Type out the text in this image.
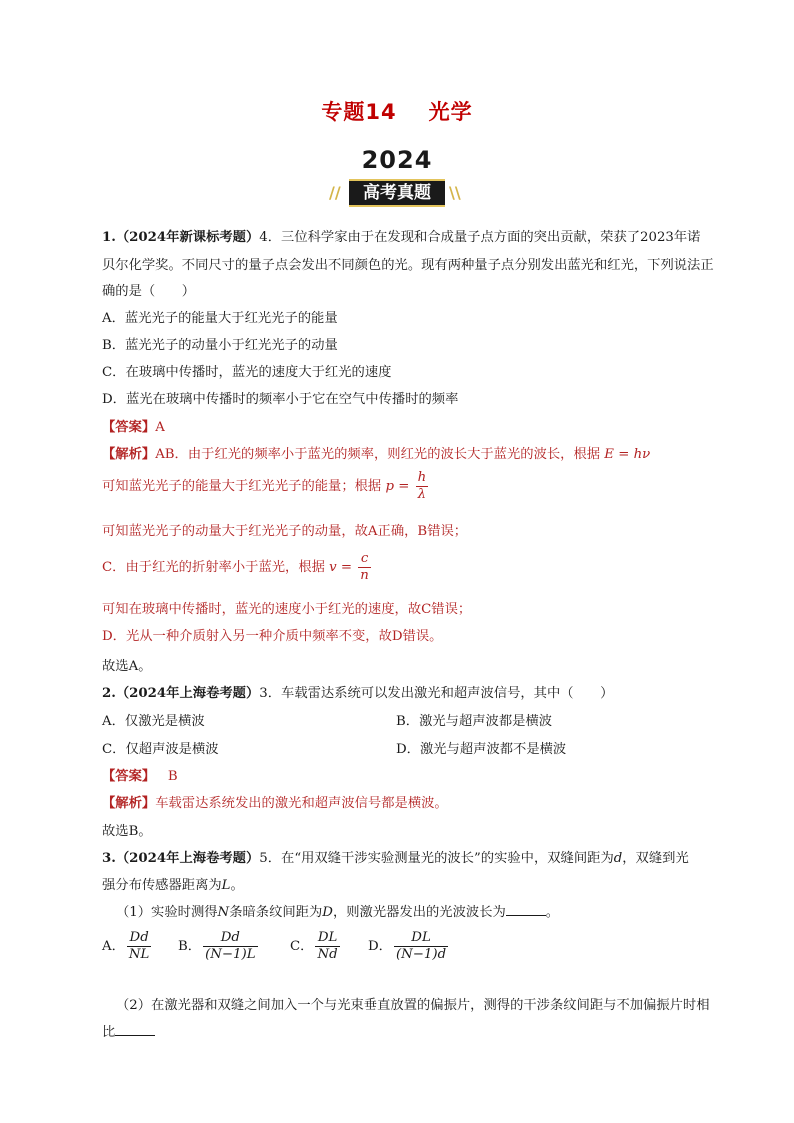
专题14 光学
2024
//	高考真题	\\
1.（2024年新课标考题）4．三位科学家由于在发现和合成量子点方面的突出贡献，荣获了2023年诺
贝尔化学奖。不同尺寸的量子点会发出不同颜色的光。现有两种量子点分别发出蓝光和红光，下列说法正
确的是（　　）
A．蓝光光子的能量大于红光光子的能量
B．蓝光光子的动量小于红光光子的动量
C．在玻璃中传播时，蓝光的速度大于红光的速度
D．蓝光在玻璃中传播时的频率小于它在空气中传播时的频率
【答案】A
【解析】AB．由于红光的频率小于蓝光的频率，则红光的波长大于蓝光的波长，根据 E = hν
可知蓝光光子的能量大于红光光子的能量；根据 $p = \frac{h}{\lambda}$
可知蓝光光子的动量大于红光光子的动量，故A正确，B错误；
C．由于红光的折射率小于蓝光，根据 $v = \frac{c}{n}$
可知在玻璃中传播时，蓝光的速度小于红光的速度，故C错误；
D．光从一种介质射入另一种介质中频率不变，故D错误。
故选A。
2.（2024年上海卷考题）3．车载雷达系统可以发出激光和超声波信号，其中（　　）
A．仅激光是横波	B．激光与超声波都是横波
C．仅超声波是横波	D．激光与超声波都不是横波
【答案】 B
【解析】车载雷达系统发出的激光和超声波信号都是横波。
故选B。
3.（2024年上海卷考题）5．在“用双缝干涉实验测量光的波长”的实验中，双缝间距为d，双缝到光
强分布传感器距离为L。
（1）实验时测得N条暗条纹间距为D，则激光器发出的光波波长为	。
A． $\frac{Dd}{NL}$ B． $\frac{Dd}{(N-1)L}$ C． $\frac{DL}{Nd}$ D． $\frac{DL}{(N-1)d}$
（2）在激光器和双缝之间加入一个与光束垂直放置的偏振片，测得的干涉条纹间距与不加偏振片时相
比
